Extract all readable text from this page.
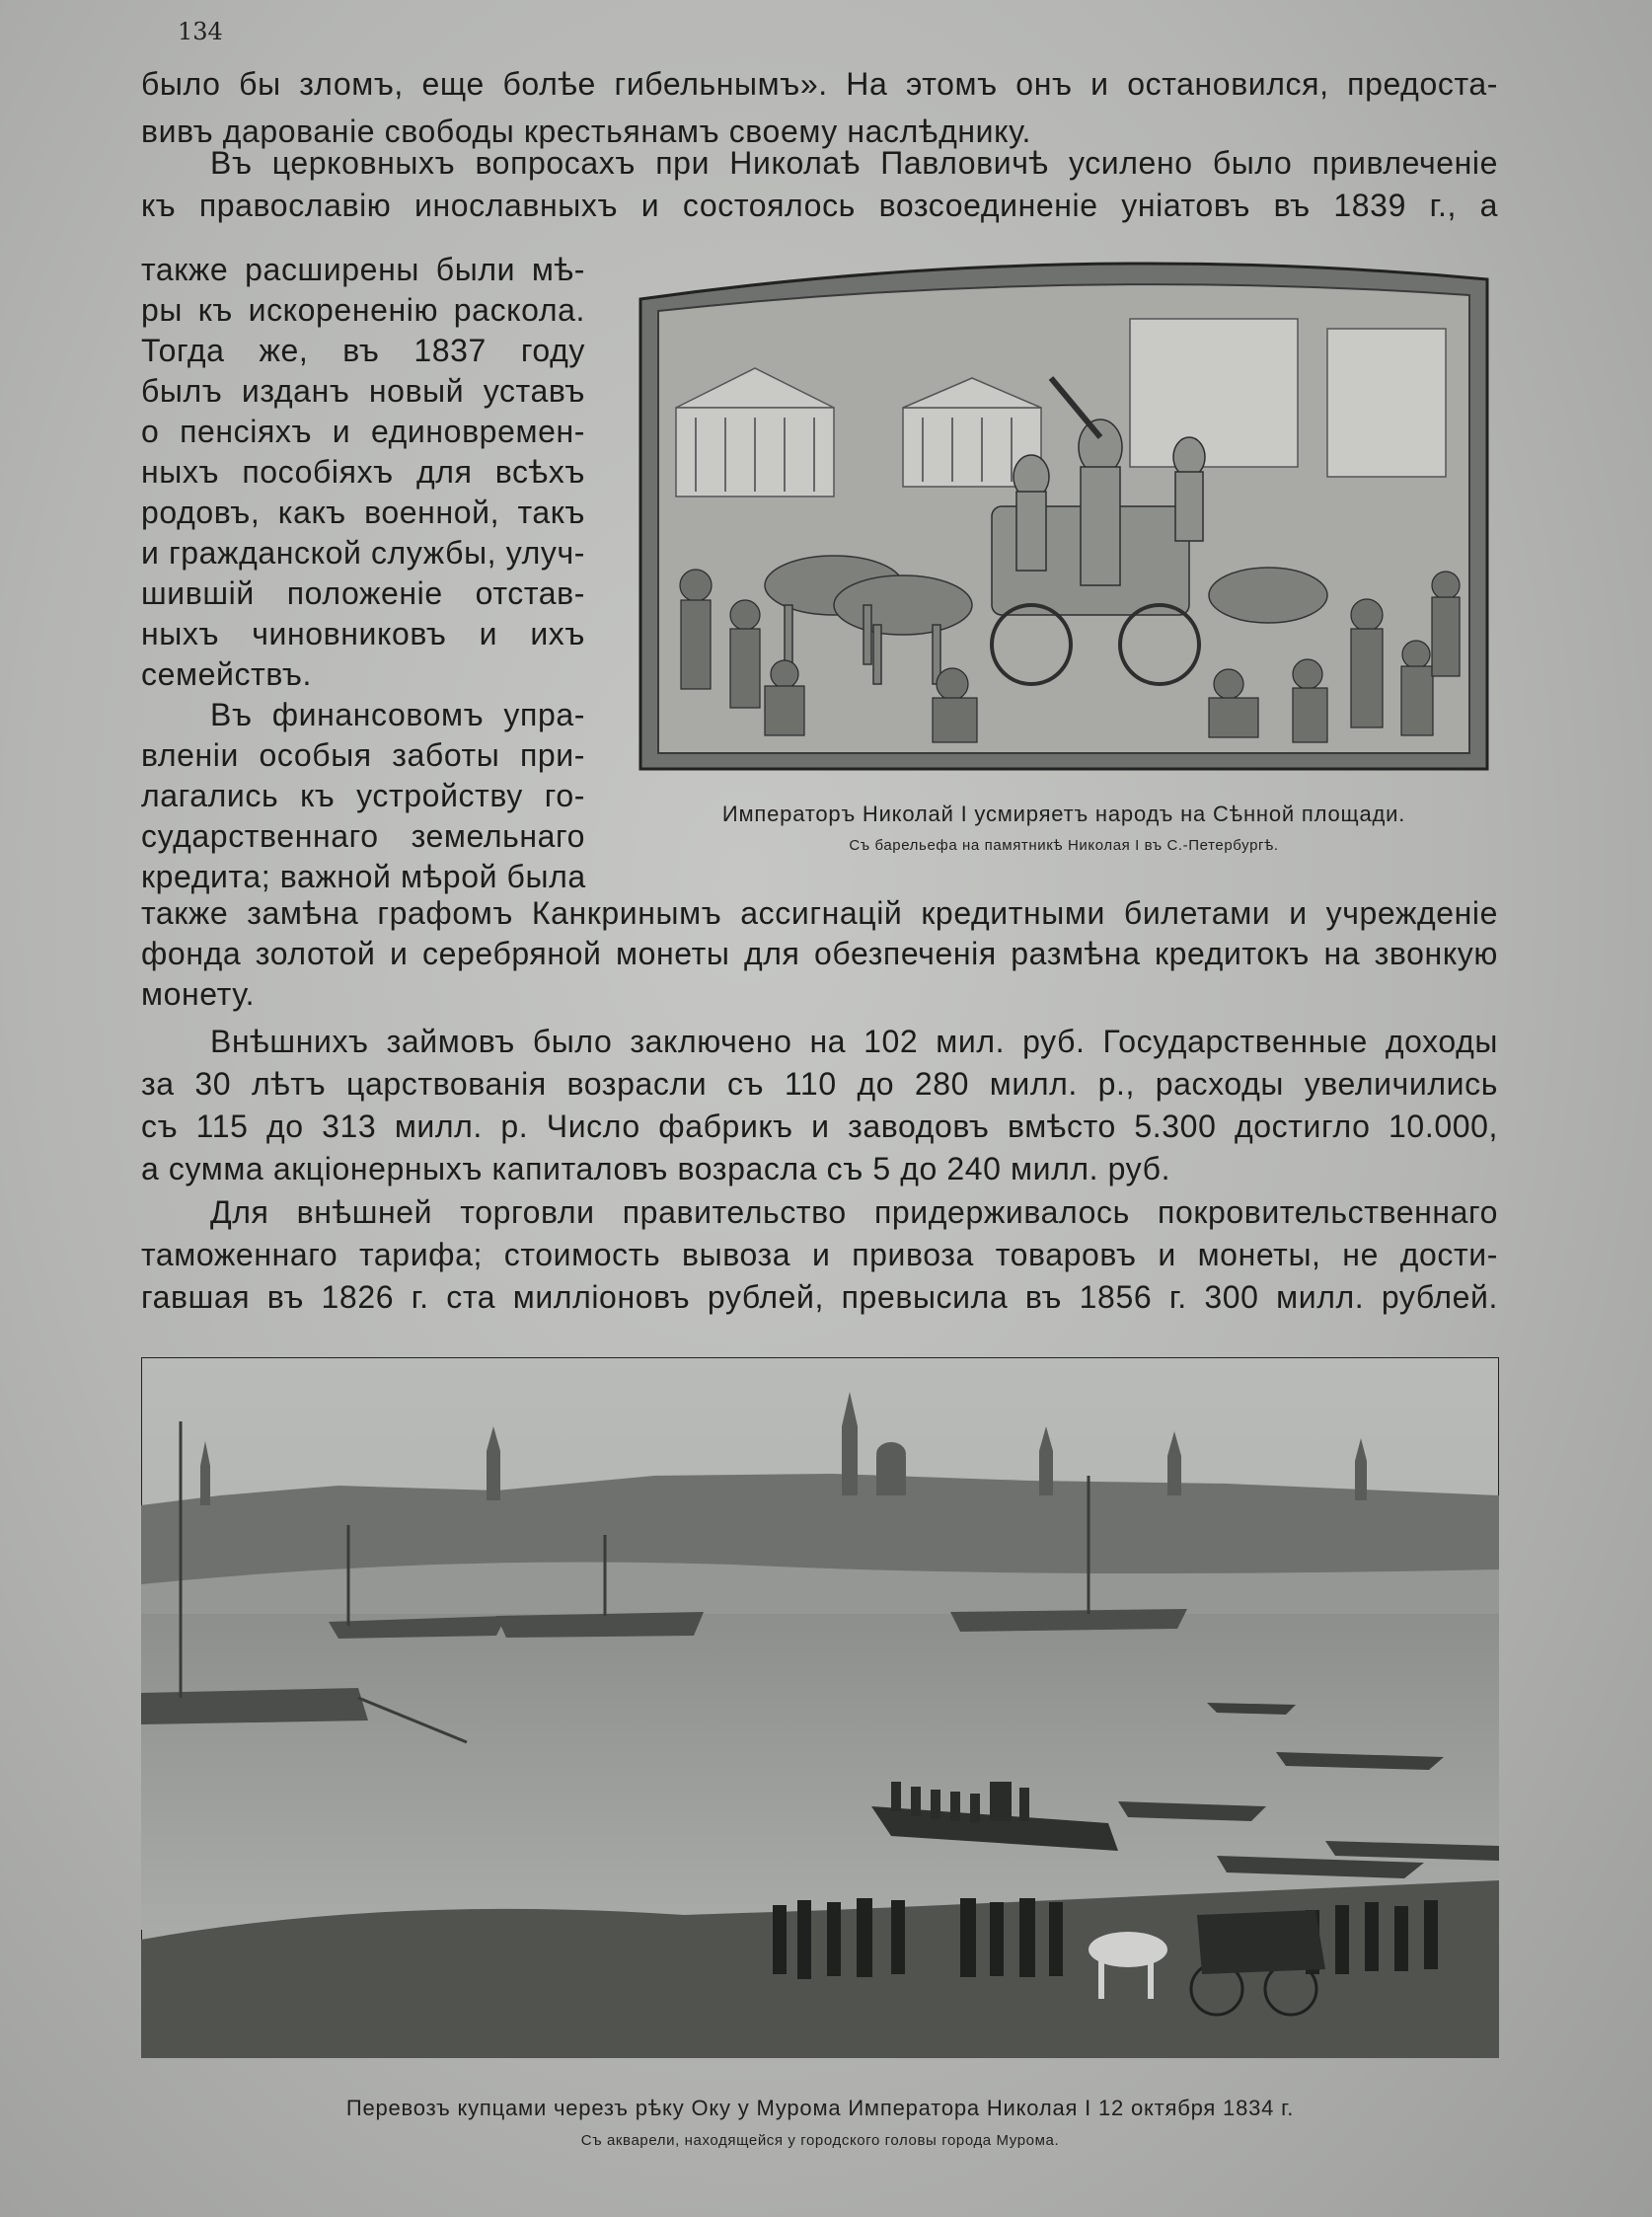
134

было бы зломъ, еще болѣе гибельнымъ». На этомъ онъ и остановился, предоста-

вивъ дарованіе свободы крестьянамъ своему наслѣднику.

Въ церковныхъ вопросахъ при Николаѣ Павловичѣ усилено было привлеченіе

къ православію инославныхъ и состоялось возсоединеніе уніатовъ въ 1839 г., а

также расширены были мѣ-

ры къ искорененію раскола.

Тогда же, въ 1837 году

былъ изданъ новый уставъ

о пенсіяхъ и единовремен-

ныхъ пособіяхъ для всѣхъ

родовъ, какъ военной, такъ

и гражданской службы, улуч-

шившій положеніе отстав-

ныхъ чиновниковъ и ихъ

семействъ.

Въ финансовомъ упра-

вленіи особыя заботы при-

лагались къ устройству го-

сударственнаго земельнаго

кредита; важной мѣрой была

Императоръ Николай I усмиряетъ народъ на Сѣнной площади.

Съ барельефа на памятникѣ Николая I въ С.-Петербургѣ.

также замѣна графомъ Канкринымъ ассигнацій кредитными билетами и учрежденіе

фонда золотой и серебряной монеты для обезпеченія размѣна кредитокъ на звонкую

монету.

Внѣшнихъ займовъ было заключено на 102 мил. руб. Государственные доходы

за 30 лѣтъ царствованія возрасли съ 110 до 280 милл. р., расходы увеличились

съ 115 до 313 милл. р. Число фабрикъ и заводовъ вмѣсто 5.300 достигло 10.000,

а сумма акціонерныхъ капиталовъ возрасла съ 5 до 240 милл. руб.

Для внѣшней торговли правительство придерживалось покровительственнаго

таможеннаго тарифа; стоимость вывоза и привоза товаровъ и монеты, не дости-

гавшая въ 1826 г. ста милліоновъ рублей, превысила въ 1856 г. 300 милл. рублей.

Перевозъ купцами черезъ рѣку Оку у Мурома Императора Николая I 12 октября 1834 г.

Съ акварели, находящейся у городского головы города Мурома.
